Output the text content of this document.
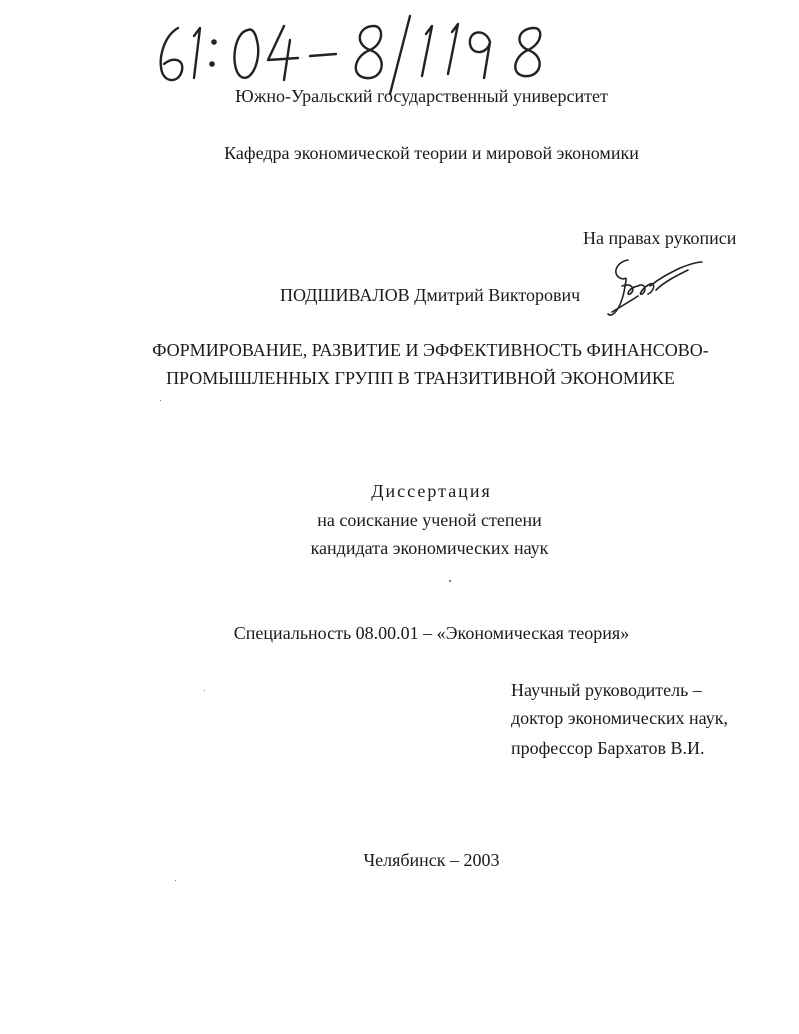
Южно-Уральский государственный университет
Кафедра экономической теории и мировой экономики
На правах рукописи
ПОДШИВАЛОВ Дмитрий Викторович
ФОРМИРОВАНИЕ, РАЗВИТИЕ И ЭФФЕКТИВНОСТЬ ФИНАНСОВО-
ПРОМЫШЛЕННЫХ ГРУПП В ТРАНЗИТИВНОЙ ЭКОНОМИКЕ
Диссертация
на соискание ученой степени
кандидата экономических наук
Специальность 08.00.01 – «Экономическая теория»
Научный руководитель –
доктор экономических наук,
профессор Бархатов В.И.
Челябинск – 2003
